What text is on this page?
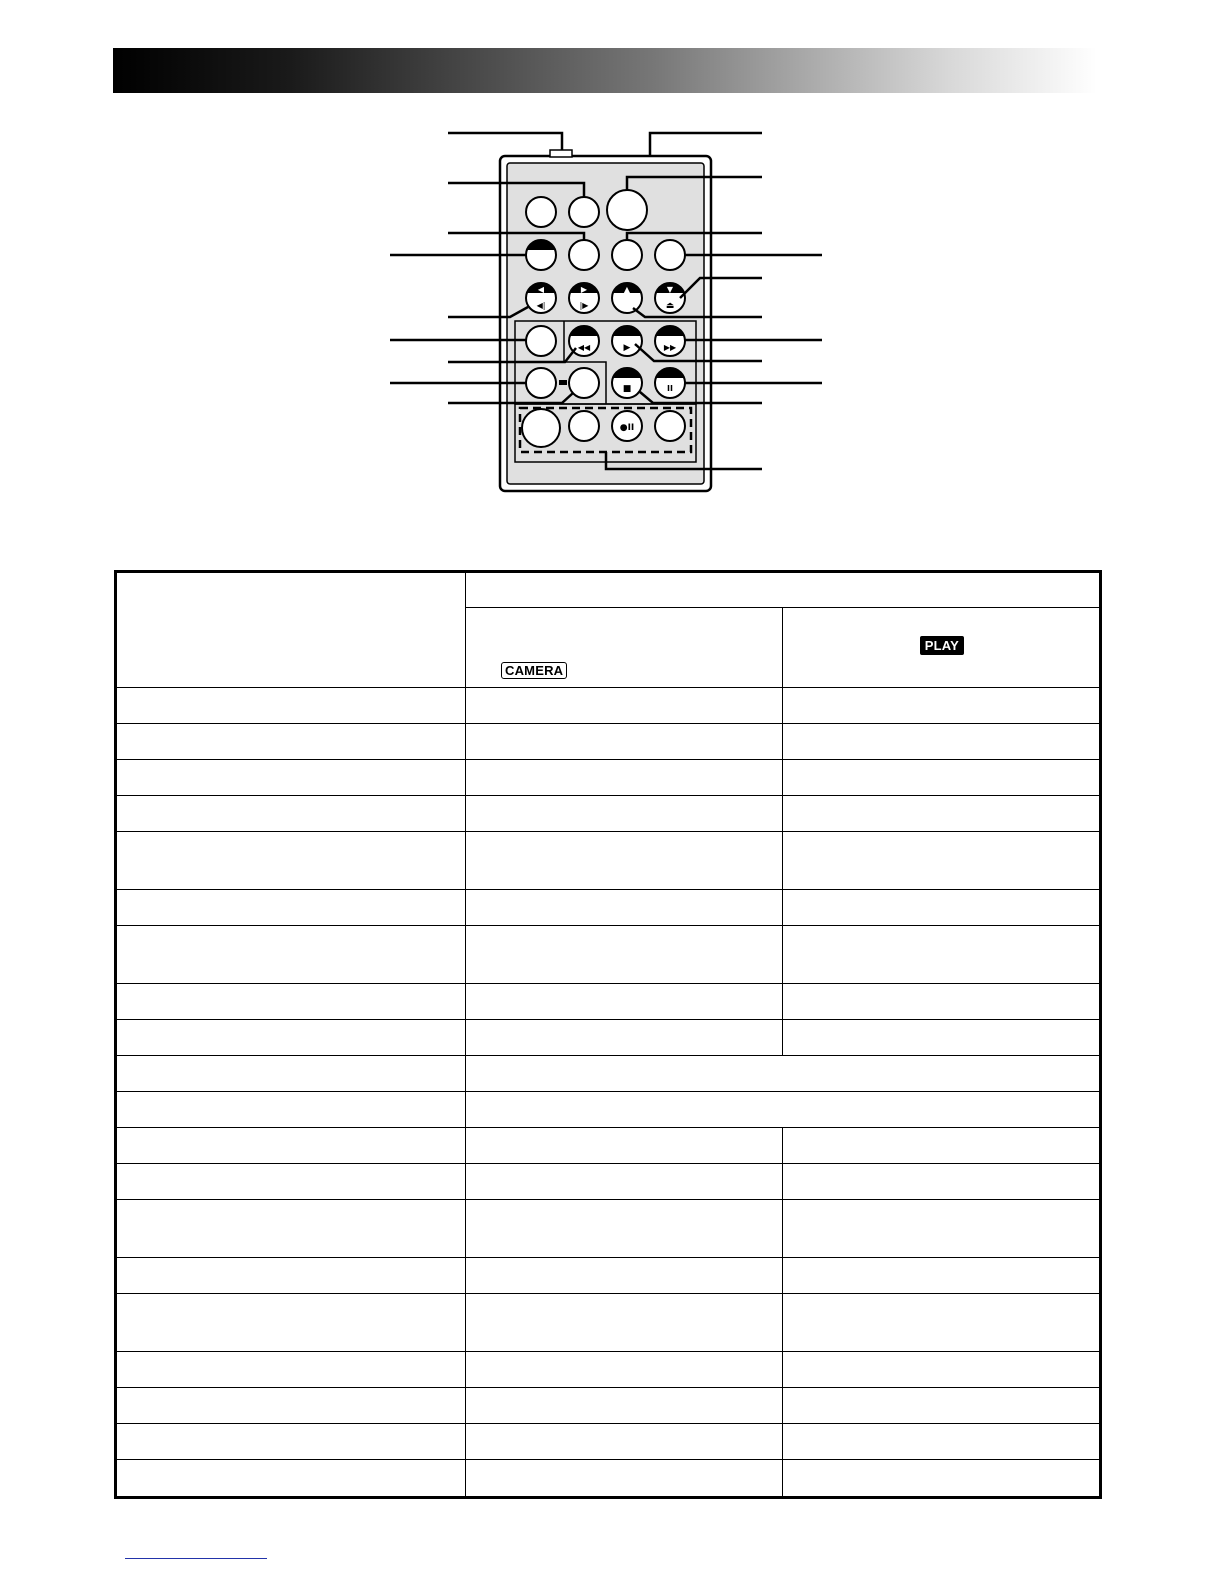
◀
◀|
▶
|▶
▲	▼
⏏
◀◀	▶	▶▶
■	II
●II

	CAMERA	PLAY
